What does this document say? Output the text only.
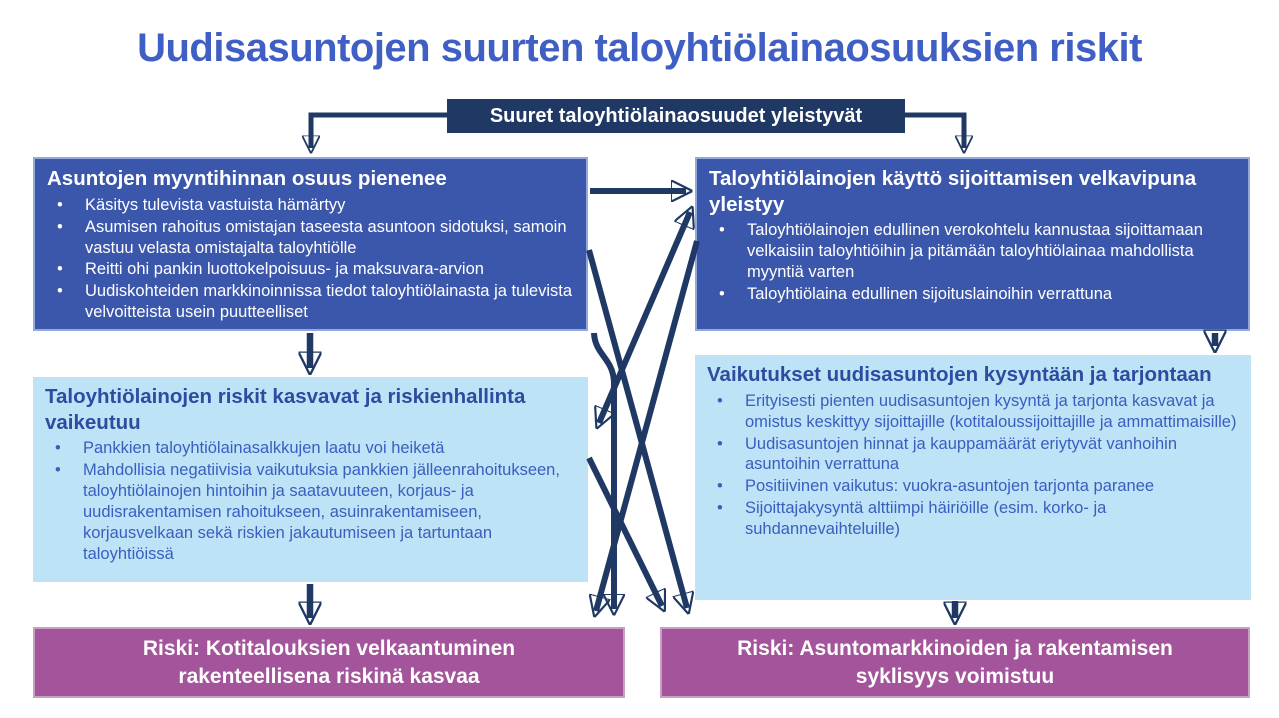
Uudisasuntojen suurten taloyhtiölainaosuuksien riskit
Suuret taloyhtiölainaosuudet yleistyvät
Asuntojen myyntihinnan osuus pienenee
• Käsitys tulevista vastuista hämärtyy
• Asumisen rahoitus omistajan taseesta asuntoon sidotuksi, samoin vastuu velasta omistajalta taloyhtiölle
• Reitti ohi pankin luottokelpoisuus- ja maksuvara-arvion
• Uudiskohteiden markkinoinnissa tiedot taloyhtiölainasta ja tulevista velvoitteista usein puutteelliset
Taloyhtiölainojen käyttö sijoittamisen velkavipuna yleistyy
• Taloyhtiölainojen edullinen verokohtelu kannustaa sijoittamaan velkaisiin taloyhtiöihin ja pitämään taloyhtiölainaa mahdollista myyntiä varten
• Taloyhtiölaina edullinen sijoituslainoihin verrattuna
Taloyhtiölainojen riskit kasvavat ja riskienhallinta vaikeutuu
• Pankkien taloyhtiölainasalkkujen laatu voi heiketä
• Mahdollisia negatiivisia vaikutuksia pankkien jälleenrahoitukseen, taloyhtiölainojen hintoihin ja saatavuuteen, korjaus- ja uudisrakentamisen rahoitukseen, asuinrakentamiseen, korjausvelkaan sekä riskien jakautumiseen ja tartuntaan taloyhtiöissä
Vaikutukset uudisasuntojen kysyntään ja tarjontaan
• Erityisesti pienten uudisasuntojen kysyntä ja tarjonta kasvavat ja omistus keskittyy sijoittajille (kotitaloussijoittajille ja ammattimaisille)
• Uudisasuntojen hinnat ja kauppamäärät eriytyvät vanhoihin asuntoihin verrattuna
• Positiivinen vaikutus: vuokra-asuntojen tarjonta paranee
• Sijoittajakysyntä alttiimpi häiriöille (esim. korko- ja suhdannevaihteluille)
Riski: Kotitalouksien velkaantuminen rakenteellisena riskinä kasvaa
Riski: Asuntomarkkinoiden ja rakentamisen syklisyys voimistuu
